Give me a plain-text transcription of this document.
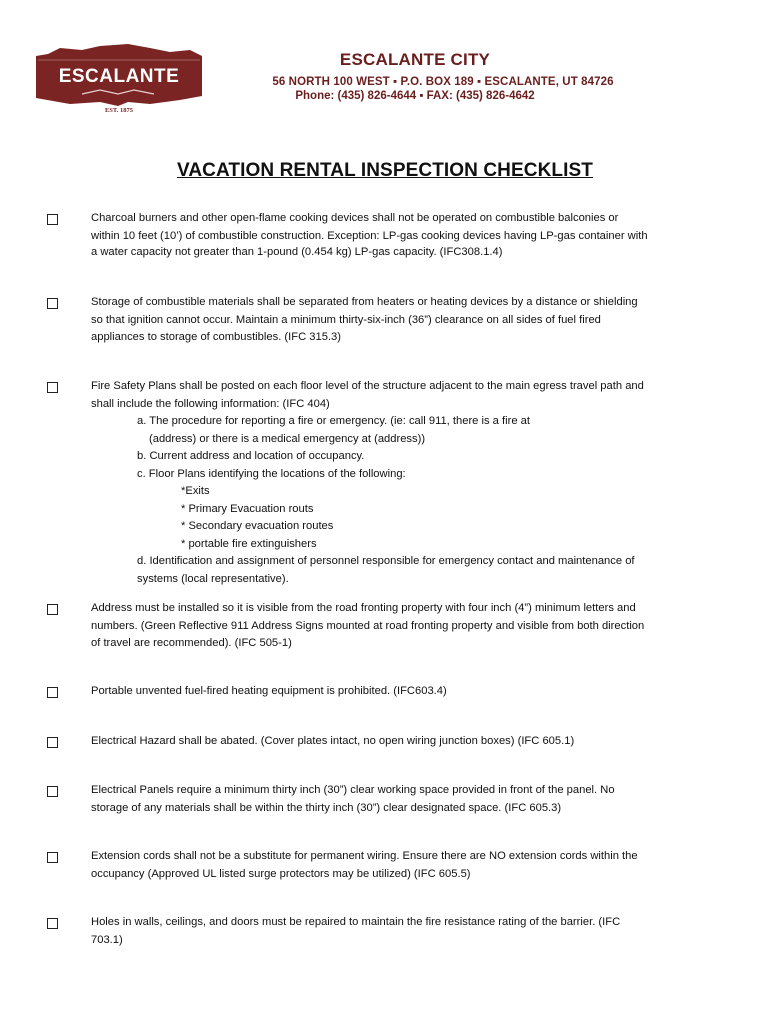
ESCALANTE
EST. 1875
ESCALANTE CITY
56 NORTH 100 WEST ▪ P.O. BOX 189 ▪ ESCALANTE, UT 84726
Phone: (435) 826-4644 ▪ FAX: (435) 826-4642
VACATION RENTAL INSPECTION CHECKLIST

Charcoal burners and other open-flame cooking devices shall not be operated on combustible balconies or

within 10 feet (10’) of combustible construction. Exception: LP-gas cooking devices having LP-gas container with

a water capacity not greater than 1-pound (0.454 kg) LP-gas capacity. (IFC308.1.4)

Storage of combustible materials shall be separated from heaters or heating devices by a distance or shielding

so that ignition cannot occur. Maintain a minimum thirty-six-inch (36”) clearance on all sides of fuel fired

appliances to storage of combustibles. (IFC 315.3)

Fire Safety Plans shall be posted on each floor level of the structure adjacent to the main egress travel path and

shall include the following information: (IFC 404)

a. The procedure for reporting a fire or emergency. (ie: call 911, there is a fire at

(address) or there is a medical emergency at (address))

b. Current address and location of occupancy.

c. Floor Plans identifying the locations of the following:

*Exits

* Primary Evacuation routs

* Secondary evacuation routes

* portable fire extinguishers

d. Identification and assignment of personnel responsible for emergency contact and maintenance of

systems (local representative).

Address must be installed so it is visible from the road fronting property with four inch (4”) minimum letters and

numbers. (Green Reflective 911 Address Signs mounted at road fronting property and visible from both direction

of travel are recommended). (IFC 505-1)

Portable unvented fuel-fired heating equipment is prohibited. (IFC603.4)

Electrical Hazard shall be abated. (Cover plates intact, no open wiring junction boxes) (IFC 605.1)

Electrical Panels require a minimum thirty inch (30”) clear working space provided in front of the panel. No

storage of any materials shall be within the thirty inch (30”) clear designated space. (IFC 605.3)

Extension cords shall not be a substitute for permanent wiring. Ensure there are NO extension cords within the

occupancy (Approved UL listed surge protectors may be utilized) (IFC 605.5)

Holes in walls, ceilings, and doors must be repaired to maintain the fire resistance rating of the barrier. (IFC

703.1)
